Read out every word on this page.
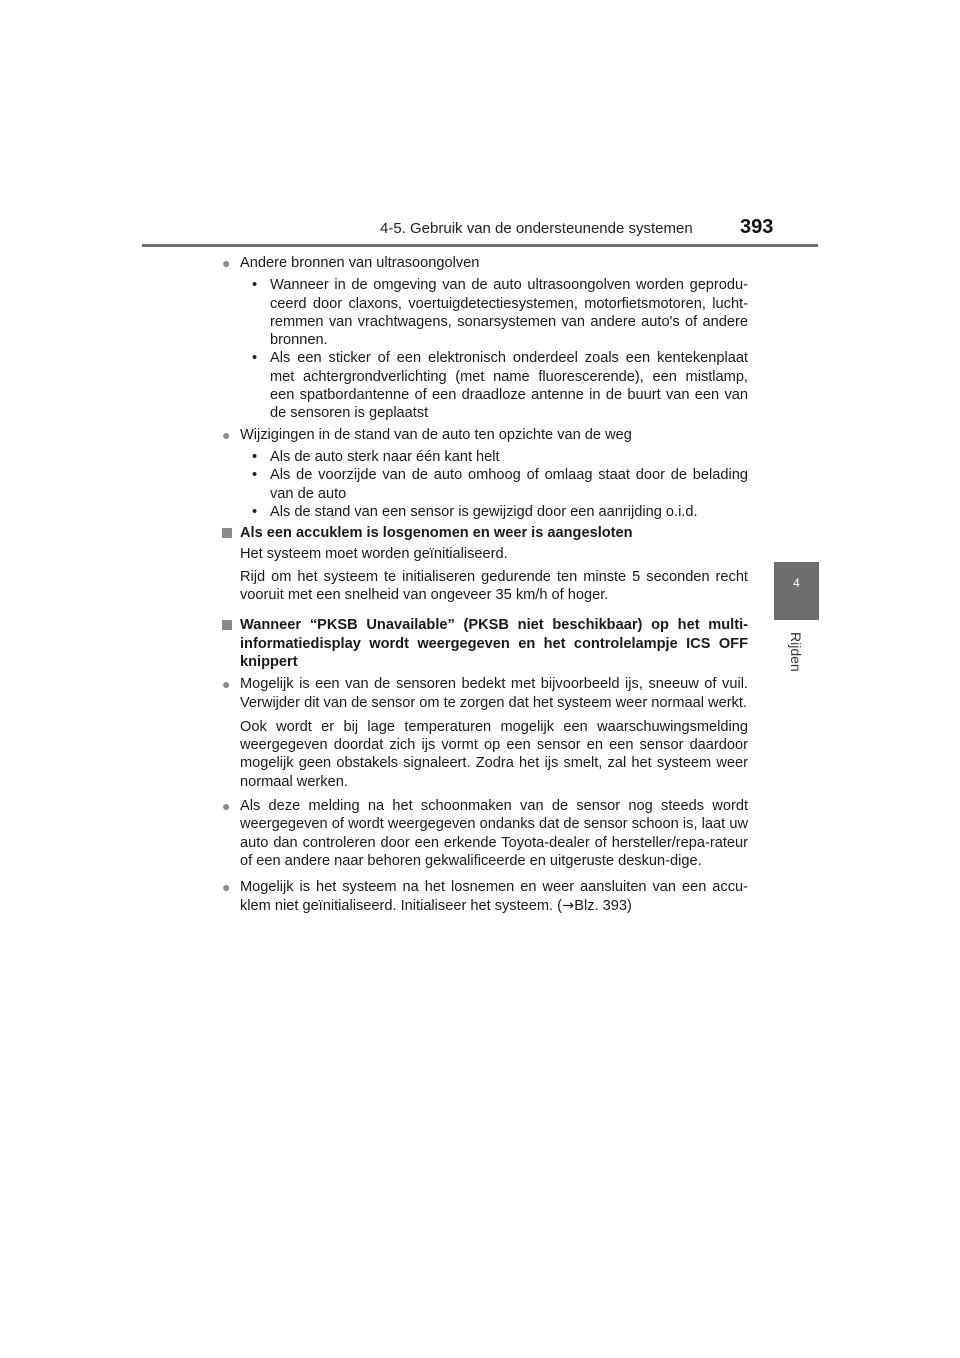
4-5. Gebruik van de ondersteunende systemen 393
4
Rijden
● Andere bronnen van ultrasoongolven
• Wanneer in de omgeving van de auto ultrasoongolven worden geprodu-ceerd door claxons, voertuigdetectiesystemen, motorfietsmotoren, lucht-remmen van vrachtwagens, sonarsystemen van andere auto's of andere bronnen.
• Als een sticker of een elektronisch onderdeel zoals een kentekenplaat met achtergrondverlichting (met name fluorescerende), een mistlamp, een spatbordantenne of een draadloze antenne in de buurt van een van de sensoren is geplaatst
● Wijzigingen in de stand van de auto ten opzichte van de weg
• Als de auto sterk naar één kant helt
• Als de voorzijde van de auto omhoog of omlaag staat door de belading van de auto
• Als de stand van een sensor is gewijzigd door een aanrijding o.i.d.
Als een accuklem is losgenomen en weer is aangesloten
Het systeem moet worden geïnitialiseerd.
Rijd om het systeem te initialiseren gedurende ten minste 5 seconden recht vooruit met een snelheid van ongeveer 35 km/h of hoger.
Wanneer “PKSB Unavailable” (PKSB niet beschikbaar) op het multi-informatiedisplay wordt weergegeven en het controlelampje ICS OFF knippert
● Mogelijk is een van de sensoren bedekt met bijvoorbeeld ijs, sneeuw of vuil. Verwijder dit van de sensor om te zorgen dat het systeem weer normaal werkt.
Ook wordt er bij lage temperaturen mogelijk een waarschuwingsmelding weergegeven doordat zich ijs vormt op een sensor en een sensor daardoor mogelijk geen obstakels signaleert. Zodra het ijs smelt, zal het systeem weer normaal werken.
● Als deze melding na het schoonmaken van de sensor nog steeds wordt weergegeven of wordt weergegeven ondanks dat de sensor schoon is, laat uw auto dan controleren door een erkende Toyota-dealer of hersteller/repa-rateur of een andere naar behoren gekwalificeerde en uitgeruste deskun-dige.
● Mogelijk is het systeem na het losnemen en weer aansluiten van een accu-klem niet geïnitialiseerd. Initialiseer het systeem. (→Blz. 393)
